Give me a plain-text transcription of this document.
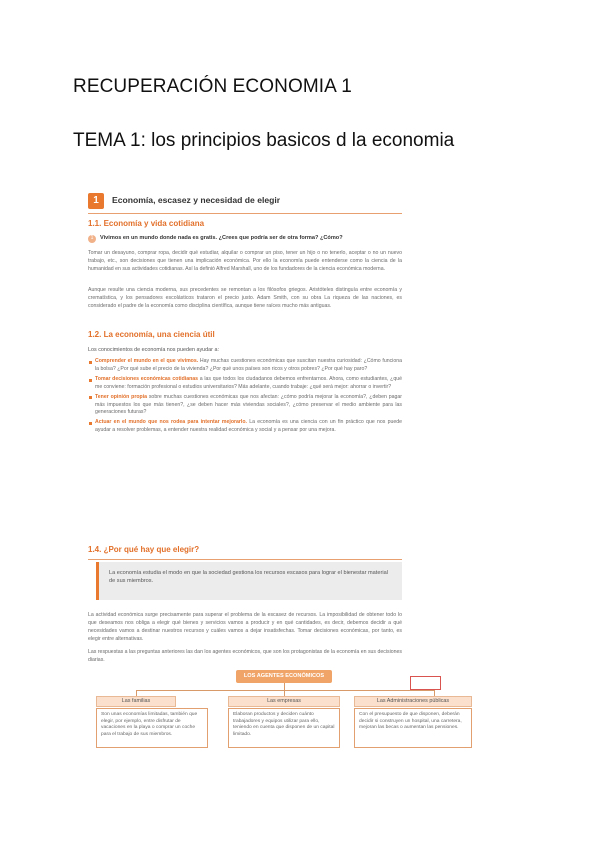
RECUPERACIÓN ECONOMIA 1
TEMA 1: los principios basicos d la economia
1	Economía, escasez y necesidad de elegir
1.1. Economía y vida cotidiana
1	Vivimos en un mundo donde nada es gratis. ¿Crees que podría ser de otra forma? ¿Cómo?
Tomar un desayuno, comprar ropa, decidir qué estudiar, alquilar o comprar un piso, tener un hijo o no tenerlo, aceptar o no un nuevo trabajo, etc., son decisiones que tienen una implicación económica. Por ello la economía puede entenderse como la ciencia de la humanidad en sus actividades cotidianas. Así la definió Alfred Marshall, uno de los fundadores de la ciencia económica moderna.
Aunque resulte una ciencia moderna, sus precedentes se remontan a los filósofos griegos. Aristóteles distinguía entre economía y crematística, y los pensadores escolásticos trataron el precio justo. Adam Smith, con su obra La riqueza de las naciones, es considerado el padre de la economía como disciplina científica, aunque tiene raíces mucho más antiguas.
1.2. La economía, una ciencia útil
Los conocimientos de economía nos pueden ayudar a:
Comprender el mundo en el que vivimos. Hay muchas cuestiones económicas que suscitan nuestra curiosidad: ¿Cómo funciona la bolsa? ¿Por qué sube el precio de la vivienda? ¿Por qué unos países son ricos y otros pobres? ¿Por qué hay paro?
Tomar decisiones económicas cotidianas a las que todos los ciudadanos debemos enfrentarnos. Ahora, como estudiantes, ¿qué me conviene: formación profesional o estudios universitarios? Más adelante, cuando trabaje: ¿qué será mejor: ahorrar o invertir?
Tener opinión propia sobre muchas cuestiones económicas que nos afectan: ¿cómo podría mejorar la economía?, ¿deben pagar más impuestos los que más tienen?, ¿se deben hacer más viviendas sociales?, ¿cómo preservar el medio ambiente para las generaciones futuras?
Actuar en el mundo que nos rodea para intentar mejorarlo. La economía es una ciencia con un fin práctico que nos puede ayudar a resolver problemas, a entender nuestra realidad económica y social y a pensar por una mejora.
1.4. ¿Por qué hay que elegir?
La economía estudia el modo en que la sociedad gestiona los recursos escasos para lograr el bienestar material de sus miembros.
La actividad económica surge precisamente para superar el problema de la escasez de recursos. La imposibilidad de obtener todo lo que deseamos nos obliga a elegir qué bienes y servicios vamos a producir y en qué cantidades, es decir, debemos decidir a qué necesidades vamos a destinar nuestros recursos y cuáles vamos a dejar insatisfechas. Tomar decisiones económicas, por tanto, es elegir entre alternativas.
Las respuestas a las preguntas anteriores las dan los agentes económicos, que son los protagonistas de la economía en sus decisiones diarias.
LOS AGENTES ECONÓMICOS
Las familias	Las empresas	Las Administraciones públicas
Son unas economías limitadas, también que elegir, por ejemplo, entre disfrutar de vacaciones en la playa o comprar un coche para el trabajo de sus miembros.
Elaboran productos y deciden cuánto trabajadores y equipos utilizar para ello, teniendo en cuenta que disponen de un capital limitado.
Con el presupuesto de que disponen, deberán decidir si construyen un hospital, una carretera, mejoran las becas o aumentan las pensiones.
